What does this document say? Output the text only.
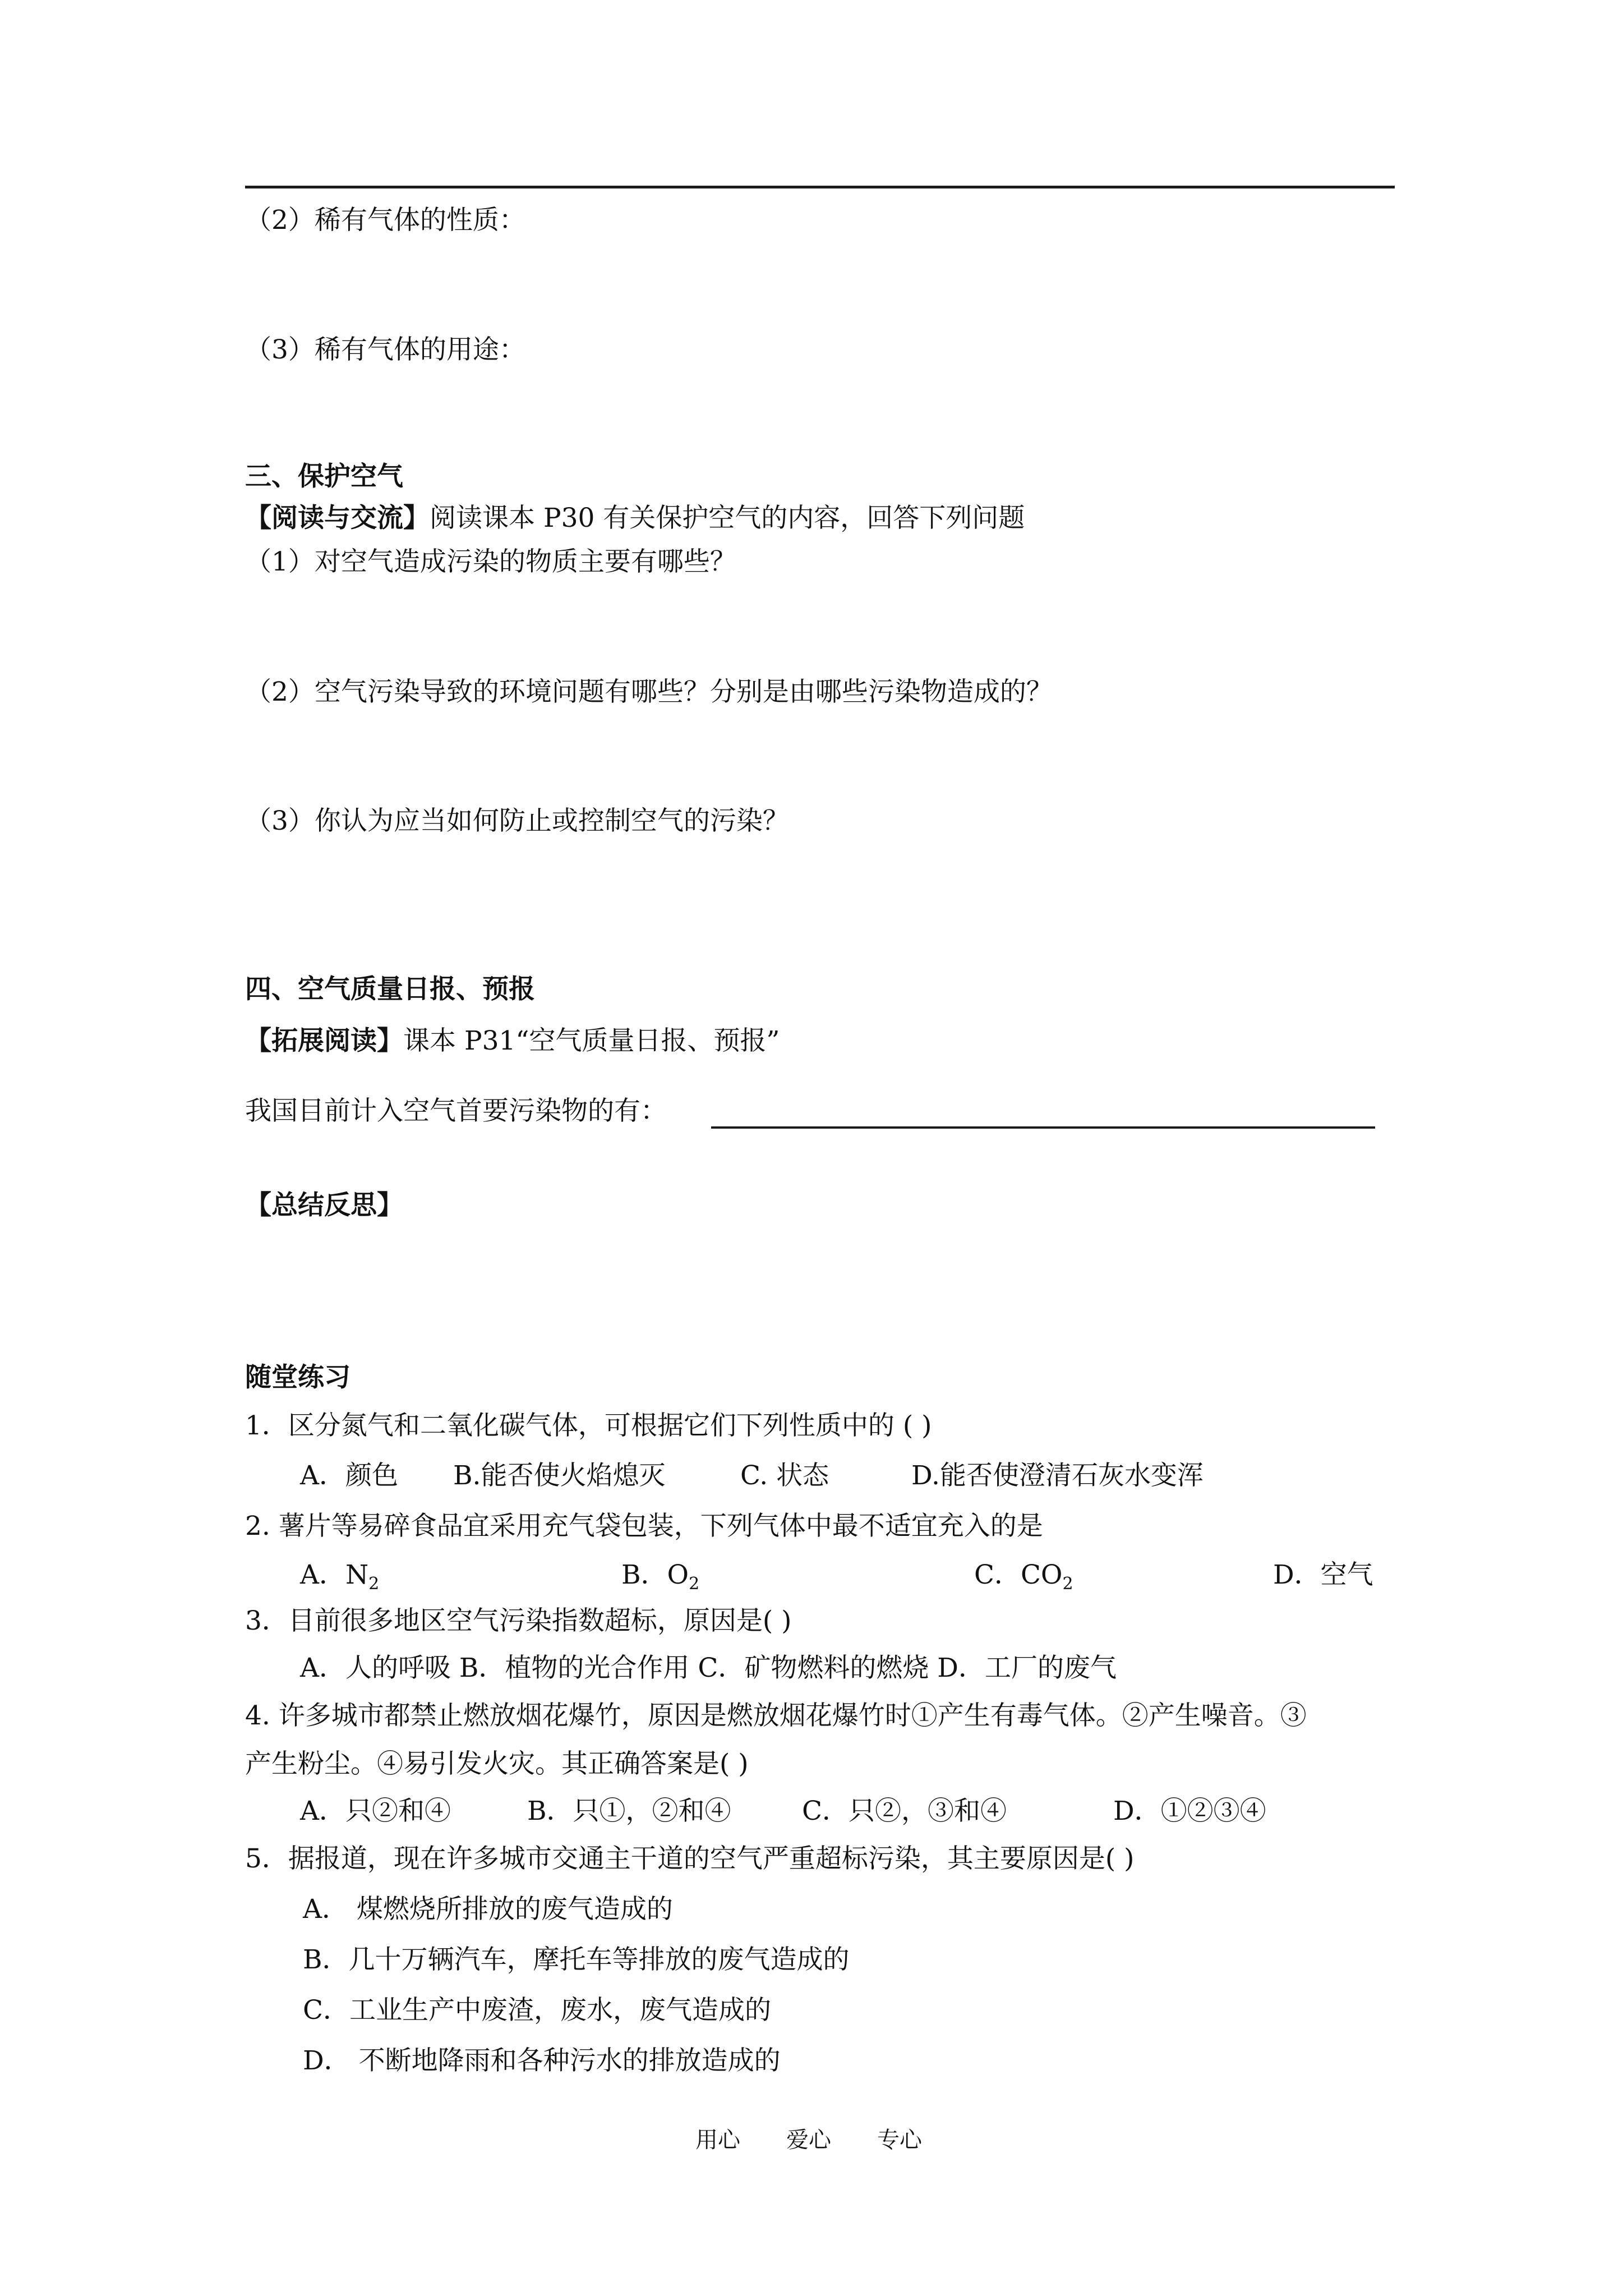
（2）稀有气体的性质：
（3）稀有气体的用途：
三、保护空气
【阅读与交流】阅读课本 P30 有关保护空气的内容，回答下列问题
（1）对空气造成污染的物质主要有哪些？
（2）空气污染导致的环境问题有哪些？分别是由哪些污染物造成的？
（3）你认为应当如何防止或控制空气的污染？
四、空气质量日报、预报
【拓展阅读】课本 P31“空气质量日报、预报”
我国目前计入空气首要污染物的有：
【总结反思】
随堂练习
1．区分氮气和二氧化碳气体，可根据它们下列性质中的 ( )
A．颜色 B.能否使火焰熄灭	C. 状态	D.能否使澄清石灰水变浑
2. 薯片等易碎食品宜采用充气袋包装，下列气体中最不适宜充入的是
A．$N_2$	B．$O_2$	C．$CO_2$	D．空气
3．目前很多地区空气污染指数超标，原因是( )
A．人的呼吸 B．植物的光合作用 C．矿物燃料的燃烧 D．工厂的废气
4. 许多城市都禁止燃放烟花爆竹，原因是燃放烟花爆竹时①产生有毒气体。②产生噪音。③
产生粉尘。④易引发火灾。其正确答案是( )
A．只②和④	B．只①，②和④	C．只②，③和④	D．①②③④
5．据报道，现在许多城市交通主干道的空气严重超标污染，其主要原因是( )
A． 煤燃烧所排放的废气造成的
B．几十万辆汽车，摩托车等排放的废气造成的
C．工业生产中废渣，废水，废气造成的
D． 不断地降雨和各种污水的排放造成的
用心 爱心 专心
